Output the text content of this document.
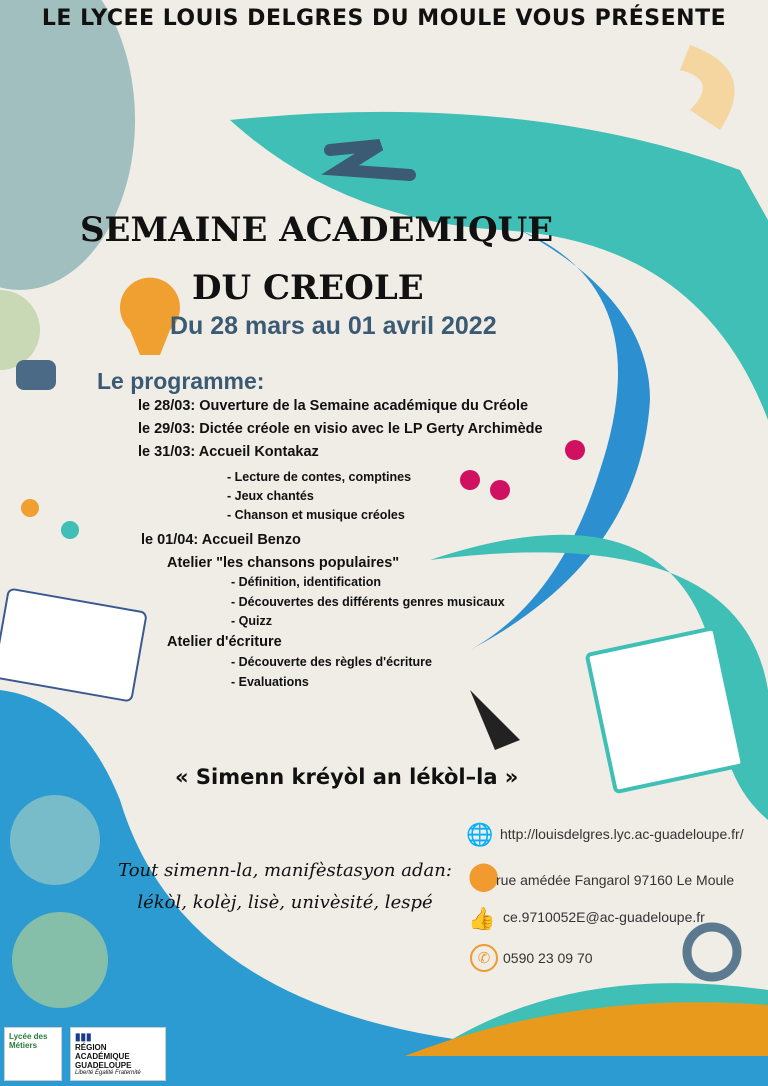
LE LYCEE LOUIS DELGRES DU MOULE VOUS PRÉSENTE
SEMAINE ACADEMIQUE
DU CREOLE
Du 28 mars au 01 avril 2022
Le programme:
le 28/03: Ouverture de la Semaine académique du Créole
le 29/03: Dictée créole en visio avec le LP Gerty Archimède
le 31/03: Accueil Kontakaz
- Lecture de contes, comptines
- Jeux chantés
- Chanson et musique créoles
le 01/04: Accueil Benzo
Atelier "les chansons populaires"
- Définition, identification
- Découvertes des différents genres musicaux
- Quizz
Atelier d'écriture
- Découverte des règles d'écriture
- Evaluations
« Simenn kréyòl an lékòl–la »
Tout simenn-la, manifèstasyon adan:
lékòl, kolèj, lisè, univèsité, lespé
🌐 http://louisdelgres.lyc.ac-guadeloupe.fr/
⬤
rue amédée Fangarol 97160 Le Moule
👍 ce.9710052E@ac-guadeloupe.fr
✆ 0590 23 09 70
Lycée des Métiers
▮▮▮
RÉGION ACADÉMIQUE GUADELOUPE
Liberté Égalité Fraternité
